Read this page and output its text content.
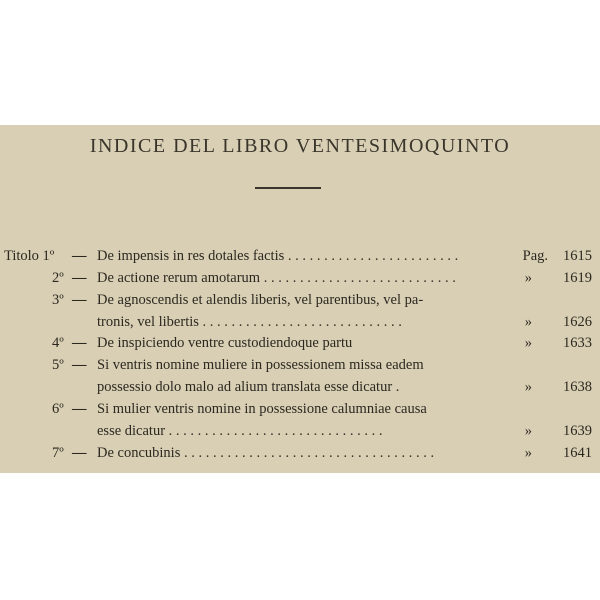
INDICE DEL LIBRO VENTESIMOQUINTO
Titolo 1º — De impensis in res dotales factis . . . . . . . . . . . . . . . . . . . . . . . .	Pag. 1615
2º — De actione rerum amotarum . . . . . . . . . . . . . . . . . . . . . . . . . . .	» 1619
3º — De agnoscendis et alendis liberis, vel parentibus, vel pa-
tronis, vel libertis . . . . . . . . . . . . . . . . . . . . . . . . . . . .	» 1626
4º — De inspiciendo ventre custodiendoque partu	» 1633
5º — Si ventris nomine muliere in possessionem missa eadem
possessio dolo malo ad alium translata esse dicatur .	» 1638
6º — Si mulier ventris nomine in possessione calumniae causa
esse dicatur . . . . . . . . . . . . . . . . . . . . . . . . . . . . . .	» 1639
7º — De concubinis . . . . . . . . . . . . . . . . . . . . . . . . . . . . . . . . . . .	» 1641
